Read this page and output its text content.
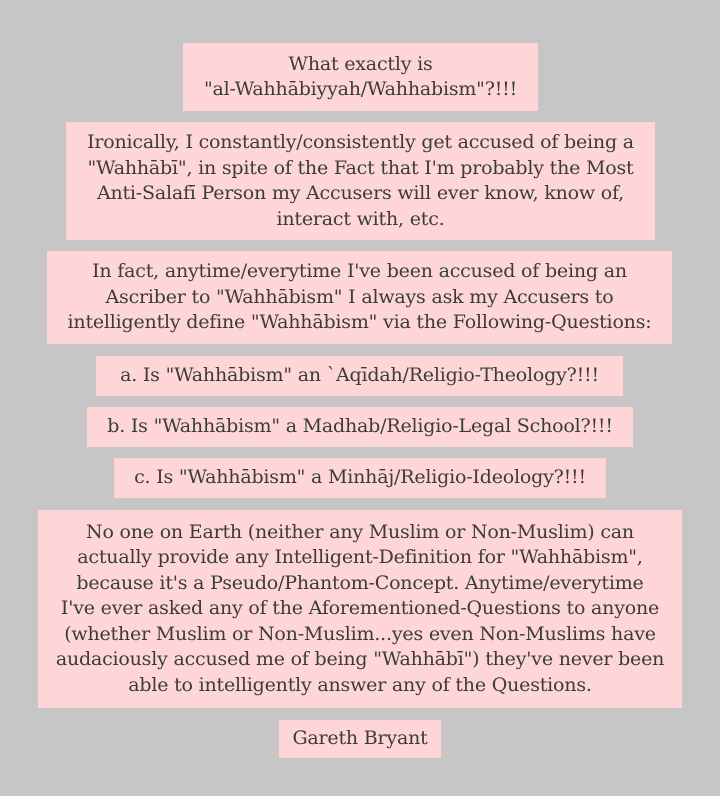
What exactly is
"al-Wahhābiyyah/Wahhabism"?!!!
Ironically, I constantly/consistently get accused of being a
"Wahhābī", in spite of the Fact that I'm probably the Most
Anti-Salafī Person my Accusers will ever know, know of,
interact with, etc.
In fact, anytime/everytime I've been accused of being an
Ascriber to "Wahhābism" I always ask my Accusers to
intelligently define "Wahhābism" via the Following-Questions:
a. Is "Wahhābism" an `Aqīdah/Religio-Theology?!!!
b. Is "Wahhābism" a Madhab/Religio-Legal School?!!!
c. Is "Wahhābism" a Minhāj/Religio-Ideology?!!!
No one on Earth (neither any Muslim or Non-Muslim) can
actually provide any Intelligent-Definition for "Wahhābism",
because it's a Pseudo/Phantom-Concept. Anytime/everytime
I've ever asked any of the Aforementioned-Questions to anyone
(whether Muslim or Non-Muslim...yes even Non-Muslims have
audaciously accused me of being "Wahhābī") they've never been
able to intelligently answer any of the Questions.
Gareth Bryant
